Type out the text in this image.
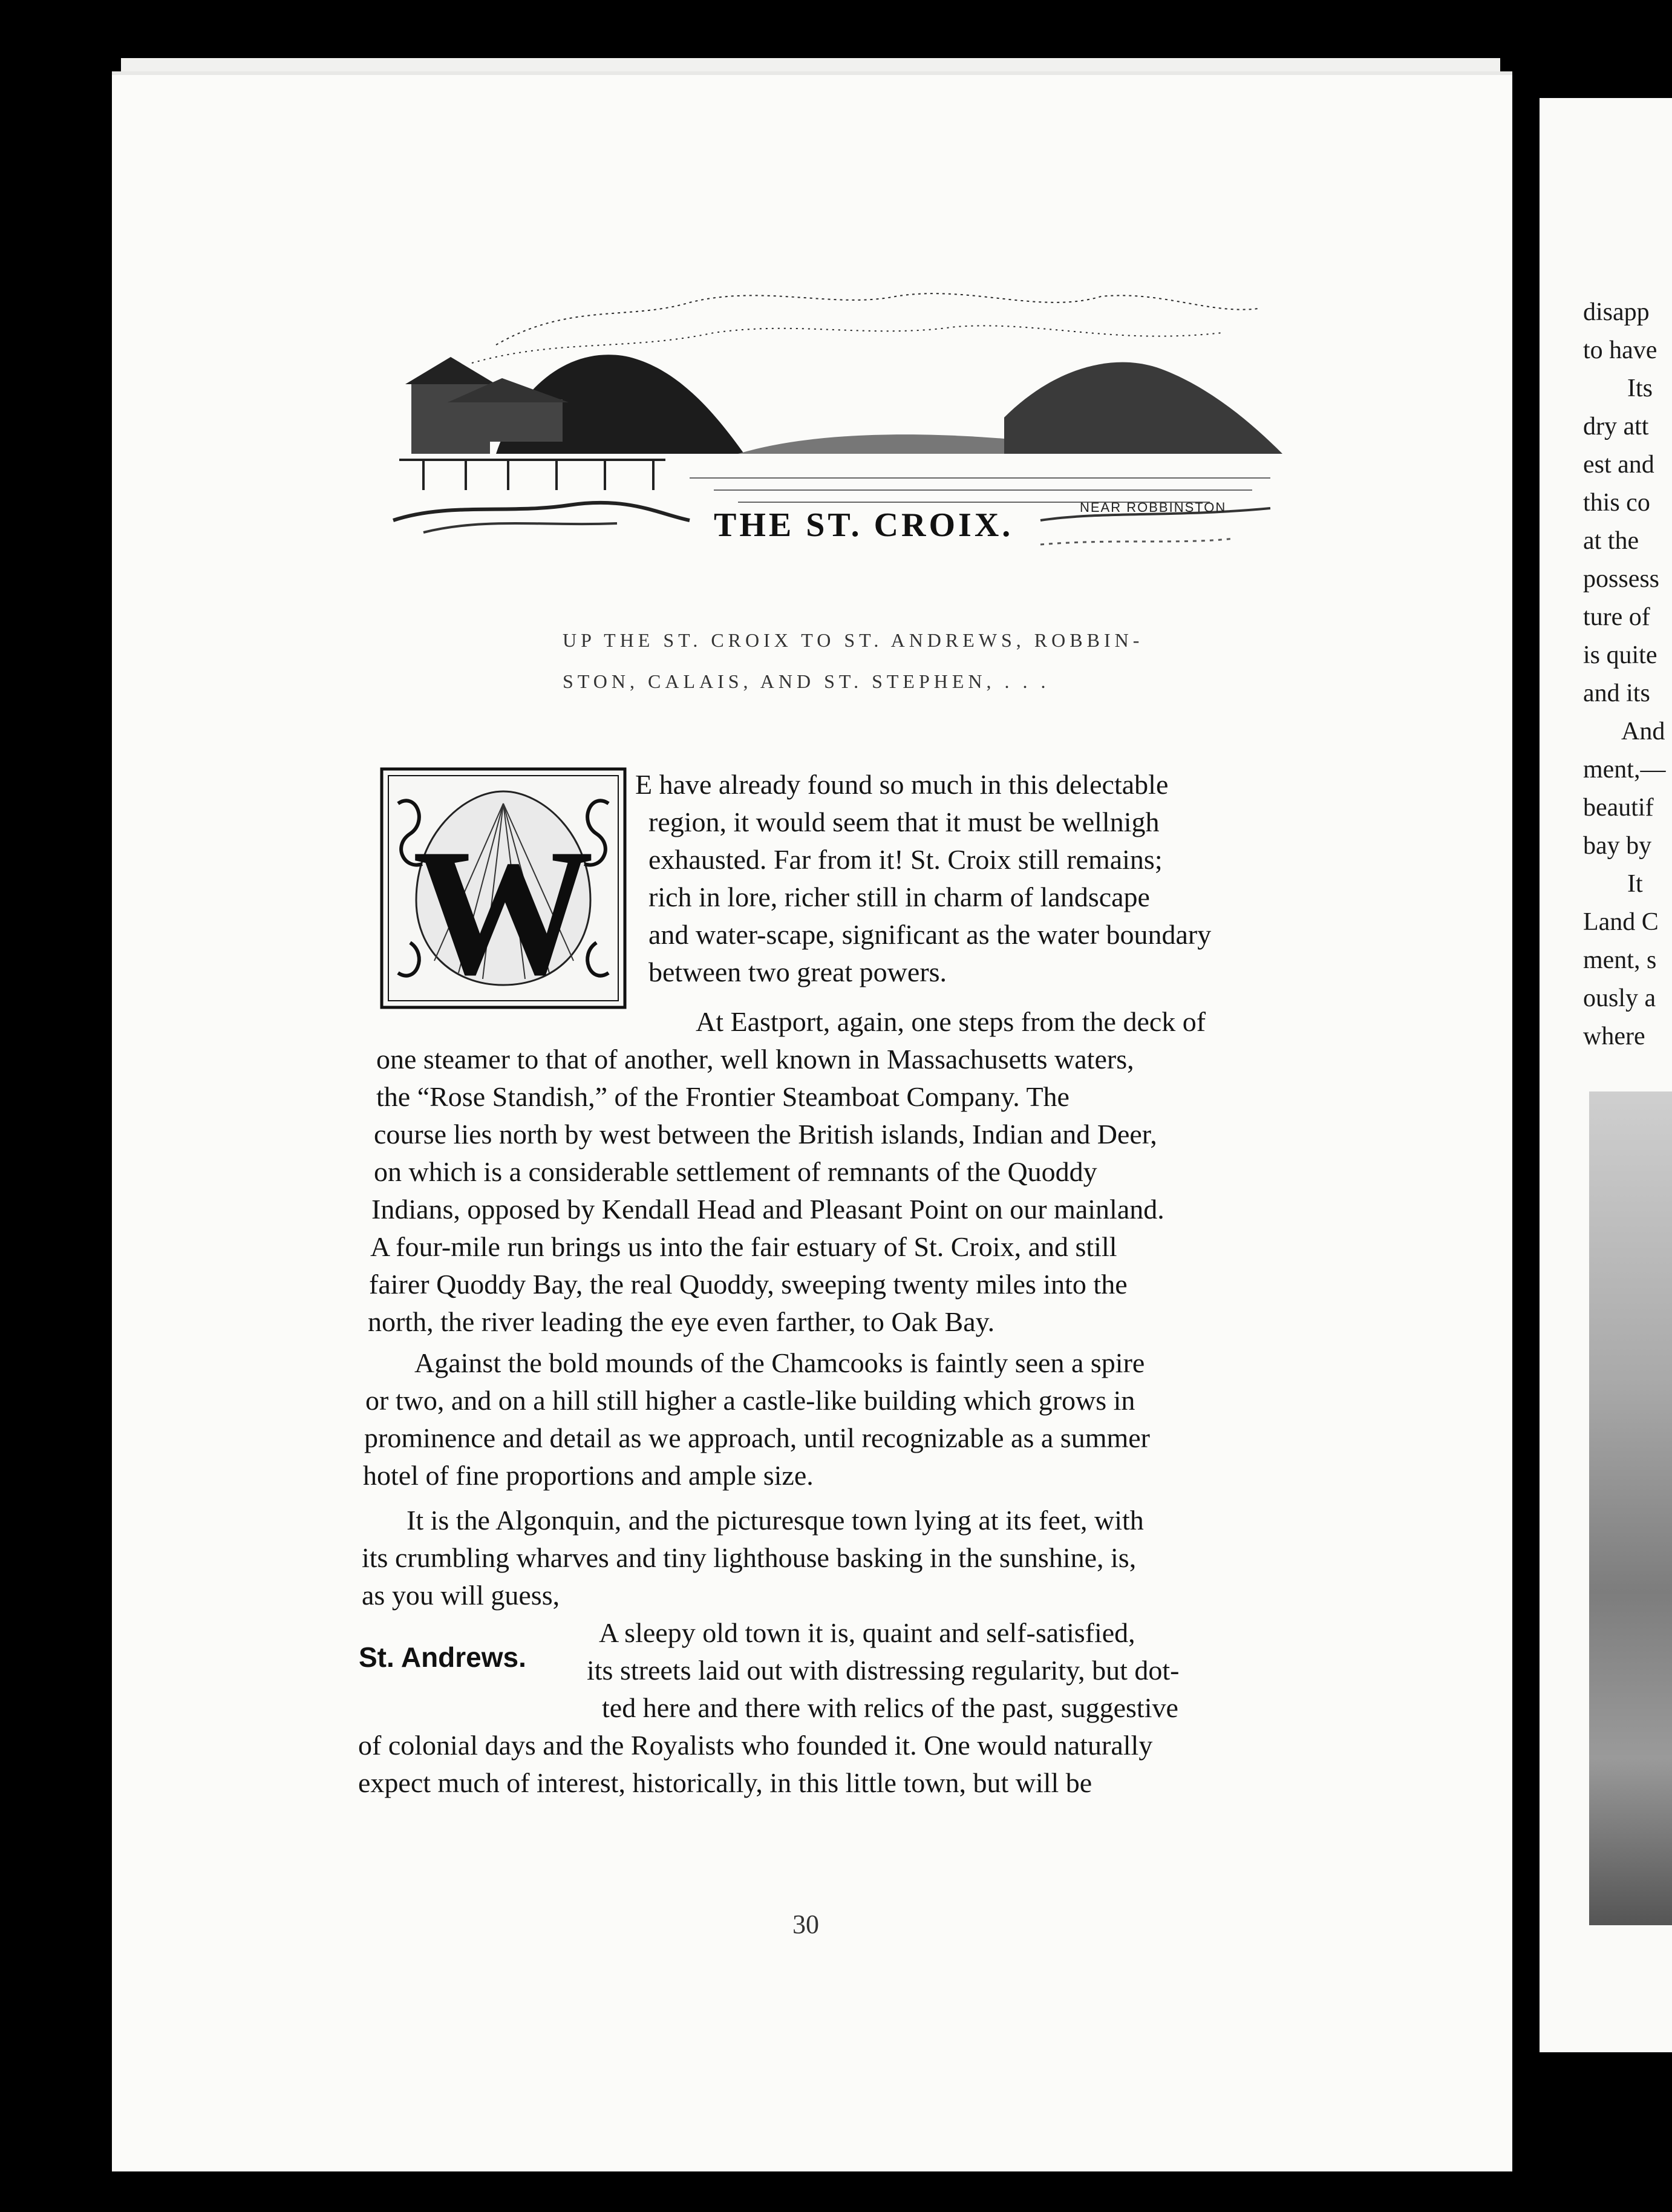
THE ST. CROIX.	NEAR ROBBINSTON
UP THE ST. CROIX TO ST. ANDREWS, ROBBIN-
STON, CALAIS, AND ST. STEPHEN, . . .
W
E have already found so much in this delectable
region, it would seem that it must be wellnigh
exhausted. Far from it! St. Croix still remains;
rich in lore, richer still in charm of landscape
and water-scape, significant as the water boundary
between two great powers.
At Eastport, again, one steps from the deck of
one steamer to that of another, well known in Massachusetts waters,
the “Rose Standish,” of the Frontier Steamboat Company. The
course lies north by west between the British islands, Indian and Deer,
on which is a considerable settlement of remnants of the Quoddy
Indians, opposed by Kendall Head and Pleasant Point on our mainland.
A four-mile run brings us into the fair estuary of St. Croix, and still
fairer Quoddy Bay, the real Quoddy, sweeping twenty miles into the
north, the river leading the eye even farther, to Oak Bay.
Against the bold mounds of the Chamcooks is faintly seen a spire
or two, and on a hill still higher a castle-like building which grows in
prominence and detail as we approach, until recognizable as a summer
hotel of fine proportions and ample size.
It is the Algonquin, and the picturesque town lying at its feet, with
its crumbling wharves and tiny lighthouse basking in the sunshine, is,
as you will guess,
A sleepy old town it is, quaint and self-satisfied,
its streets laid out with distressing regularity, but dot-
ted here and there with relics of the past, suggestive
of colonial days and the Royalists who founded it. One would naturally
expect much of interest, historically, in this little town, but will be
St. Andrews.
30
disapp
to have
Its
dry att
est and
this co
at the
possess
ture of
is quite
and its
And
ment,—
beautif
bay by
It
Land C
ment, s
ously a
where
